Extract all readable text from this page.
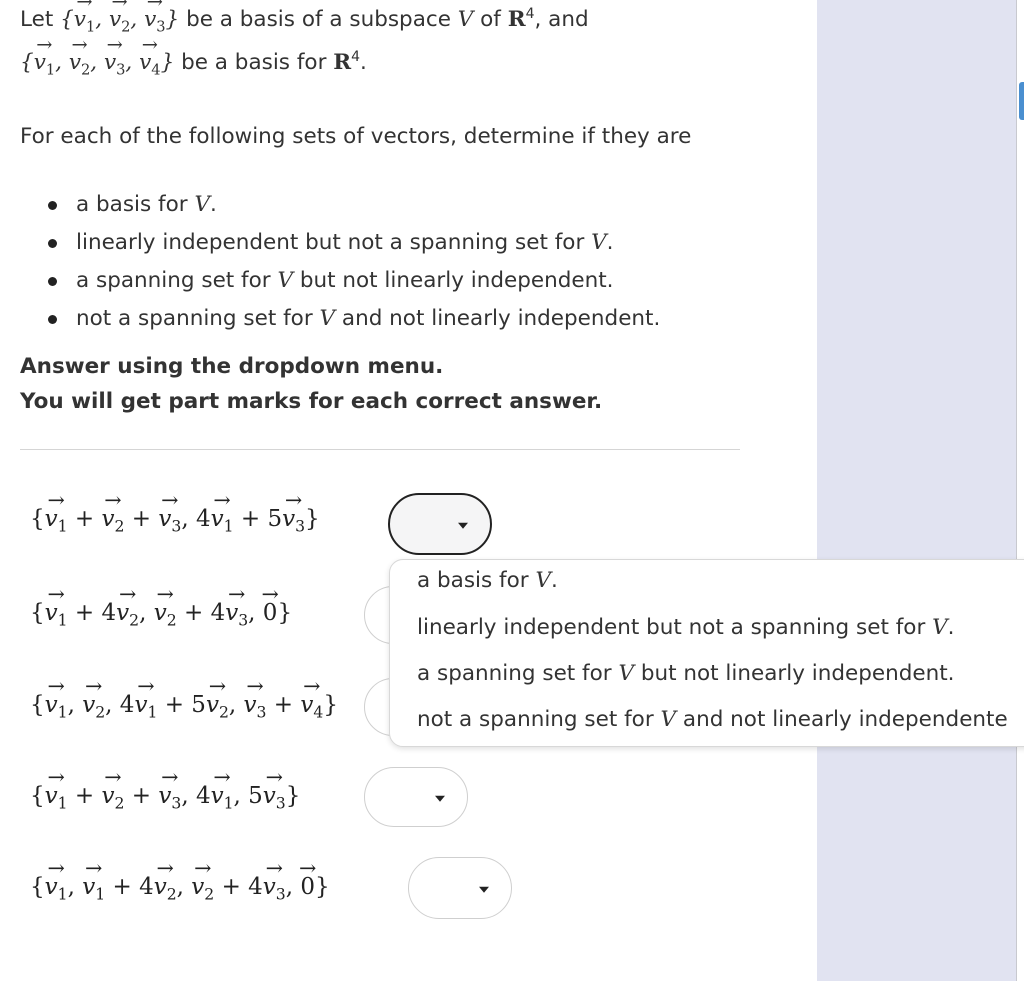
Let {→ $v_1$, → $v_2$, → $v_3$} be a basis of a subspace V of $R^4$, and
{→ $v_1$, → $v_2$, → $v_3$, → $v_4$} be a basis for $R^4$.
For each of the following sets of vectors, determine if they are
a basis for V.
linearly independent but not a spanning set for V.
a spanning set for V but not linearly independent.
not a spanning set for V and not linearly independent.
Answer using the dropdown menu.
You will get part marks for each correct answer.
{→ $v_1$ + → $v_2$ + → $v_3$, $4\to v_1 + 5\to v_3$}
{→ $v_1 + 4\to v_2$, → $v_2 + 4\to v_3$, → 0}
{→ $v_1$, → $v_2$, $4\to v_1 + 5\to v_2$, → $v_3$ + → $v_4$}
{→ $v_1$ + → $v_2$ + → $v_3$, $4\to v_1$, $5\to v_3$}
{→ $v_1$, → $v_1 + 4\to v_2$, → $v_2 + 4\to v_3$, → 0}
a basis for V.
linearly independent but not a spanning set for V.
a spanning set for V but not linearly independent.
not a spanning set for V and not linearly independente
